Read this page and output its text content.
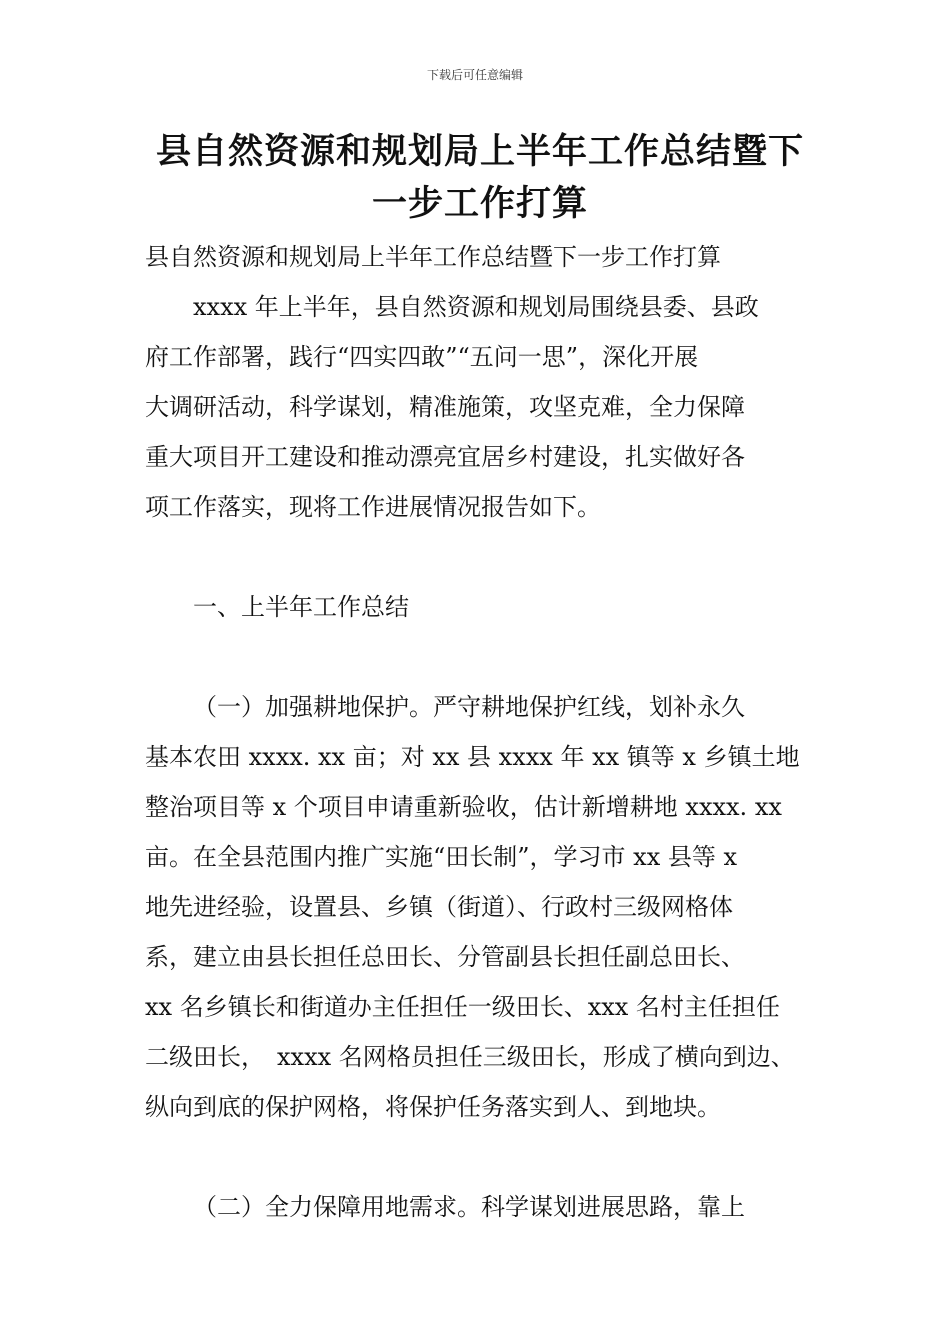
下载后可任意编辑
县自然资源和规划局上半年工作总结暨下
一步工作打算

县自然资源和规划局上半年工作总结暨下一步工作打算

xxxx 年上半年，县自然资源和规划局围绕县委、县政

府工作部署，践行“四实四敢”“五问一思”，深化开展

大调研活动，科学谋划，精准施策，攻坚克难，全力保障

重大项目开工建设和推动漂亮宜居乡村建设，扎实做好各

项工作落实，现将工作进展情况报告如下。

一、上半年工作总结

（一）加强耕地保护。严守耕地保护红线，划补永久

基本农田 xxxx. xx 亩；对 xx 县 xxxx 年 xx 镇等 x 乡镇土地

整治项目等 x 个项目申请重新验收，估计新增耕地 xxxx. xx

亩。在全县范围内推广实施“田长制”，学习市 xx 县等 x

地先进经验，设置县、乡镇（街道）、行政村三级网格体

系，建立由县长担任总田长、分管副县长担任副总田长、

xx 名乡镇长和街道办主任担任一级田长、xxx 名村主任担任

二级田长，　xxxx 名网格员担任三级田长，形成了横向到边、

纵向到底的保护网格，将保护任务落实到人、到地块。

（二）全力保障用地需求。科学谋划进展思路，靠上
